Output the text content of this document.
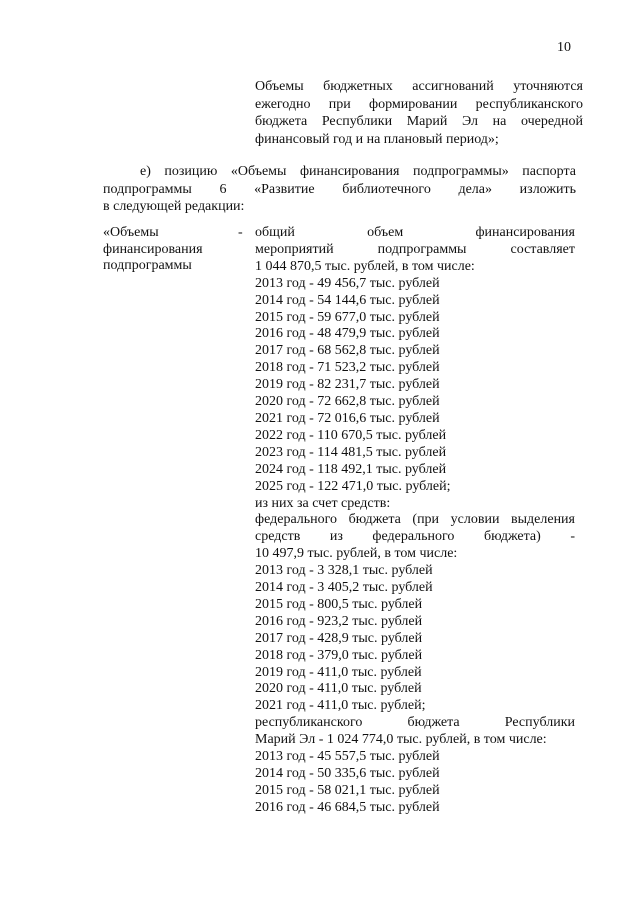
10

Объемы бюджетных ассигнований уточняются ежегодно при формировании республиканского бюджета Республики Марий Эл на очередной финансовый год и на плановый период»;

е) позицию «Объемы финансирования подпрограммы» паспорта
подпрограммы 6 «Развитие библиотечного дела» изложить
в следующей редакции:
«Объемы
финансирования
подпрограммы
- общий объем финансирования
мероприятий подпрограммы составляет
1 044 870,5 тыс. рублей, в том числе:
2013 год - 49 456,7 тыс. рублей
2014 год - 54 144,6 тыс. рублей
2015 год - 59 677,0 тыс. рублей
2016 год - 48 479,9 тыс. рублей
2017 год - 68 562,8 тыс. рублей
2018 год - 71 523,2 тыс. рублей
2019 год - 82 231,7 тыс. рублей
2020 год - 72 662,8 тыс. рублей
2021 год - 72 016,6 тыс. рублей
2022 год - 110 670,5 тыс. рублей
2023 год - 114 481,5 тыс. рублей
2024 год - 118 492,1 тыс. рублей
2025 год - 122 471,0 тыс. рублей;
из них за счет средств:
федерального бюджета (при условии выделения
средств из федерального бюджета) -
10 497,9 тыс. рублей, в том числе:
2013 год - 3 328,1 тыс. рублей
2014 год - 3 405,2 тыс. рублей
2015 год - 800,5 тыс. рублей
2016 год - 923,2 тыс. рублей
2017 год - 428,9 тыс. рублей
2018 год - 379,0 тыс. рублей
2019 год - 411,0 тыс. рублей
2020 год - 411,0 тыс. рублей
2021 год - 411,0 тыс. рублей;
республиканского бюджета Республики
Марий Эл - 1 024 774,0 тыс. рублей, в том числе:
2013 год - 45 557,5 тыс. рублей
2014 год - 50 335,6 тыс. рублей
2015 год - 58 021,1 тыс. рублей
2016 год - 46 684,5 тыс. рублей
